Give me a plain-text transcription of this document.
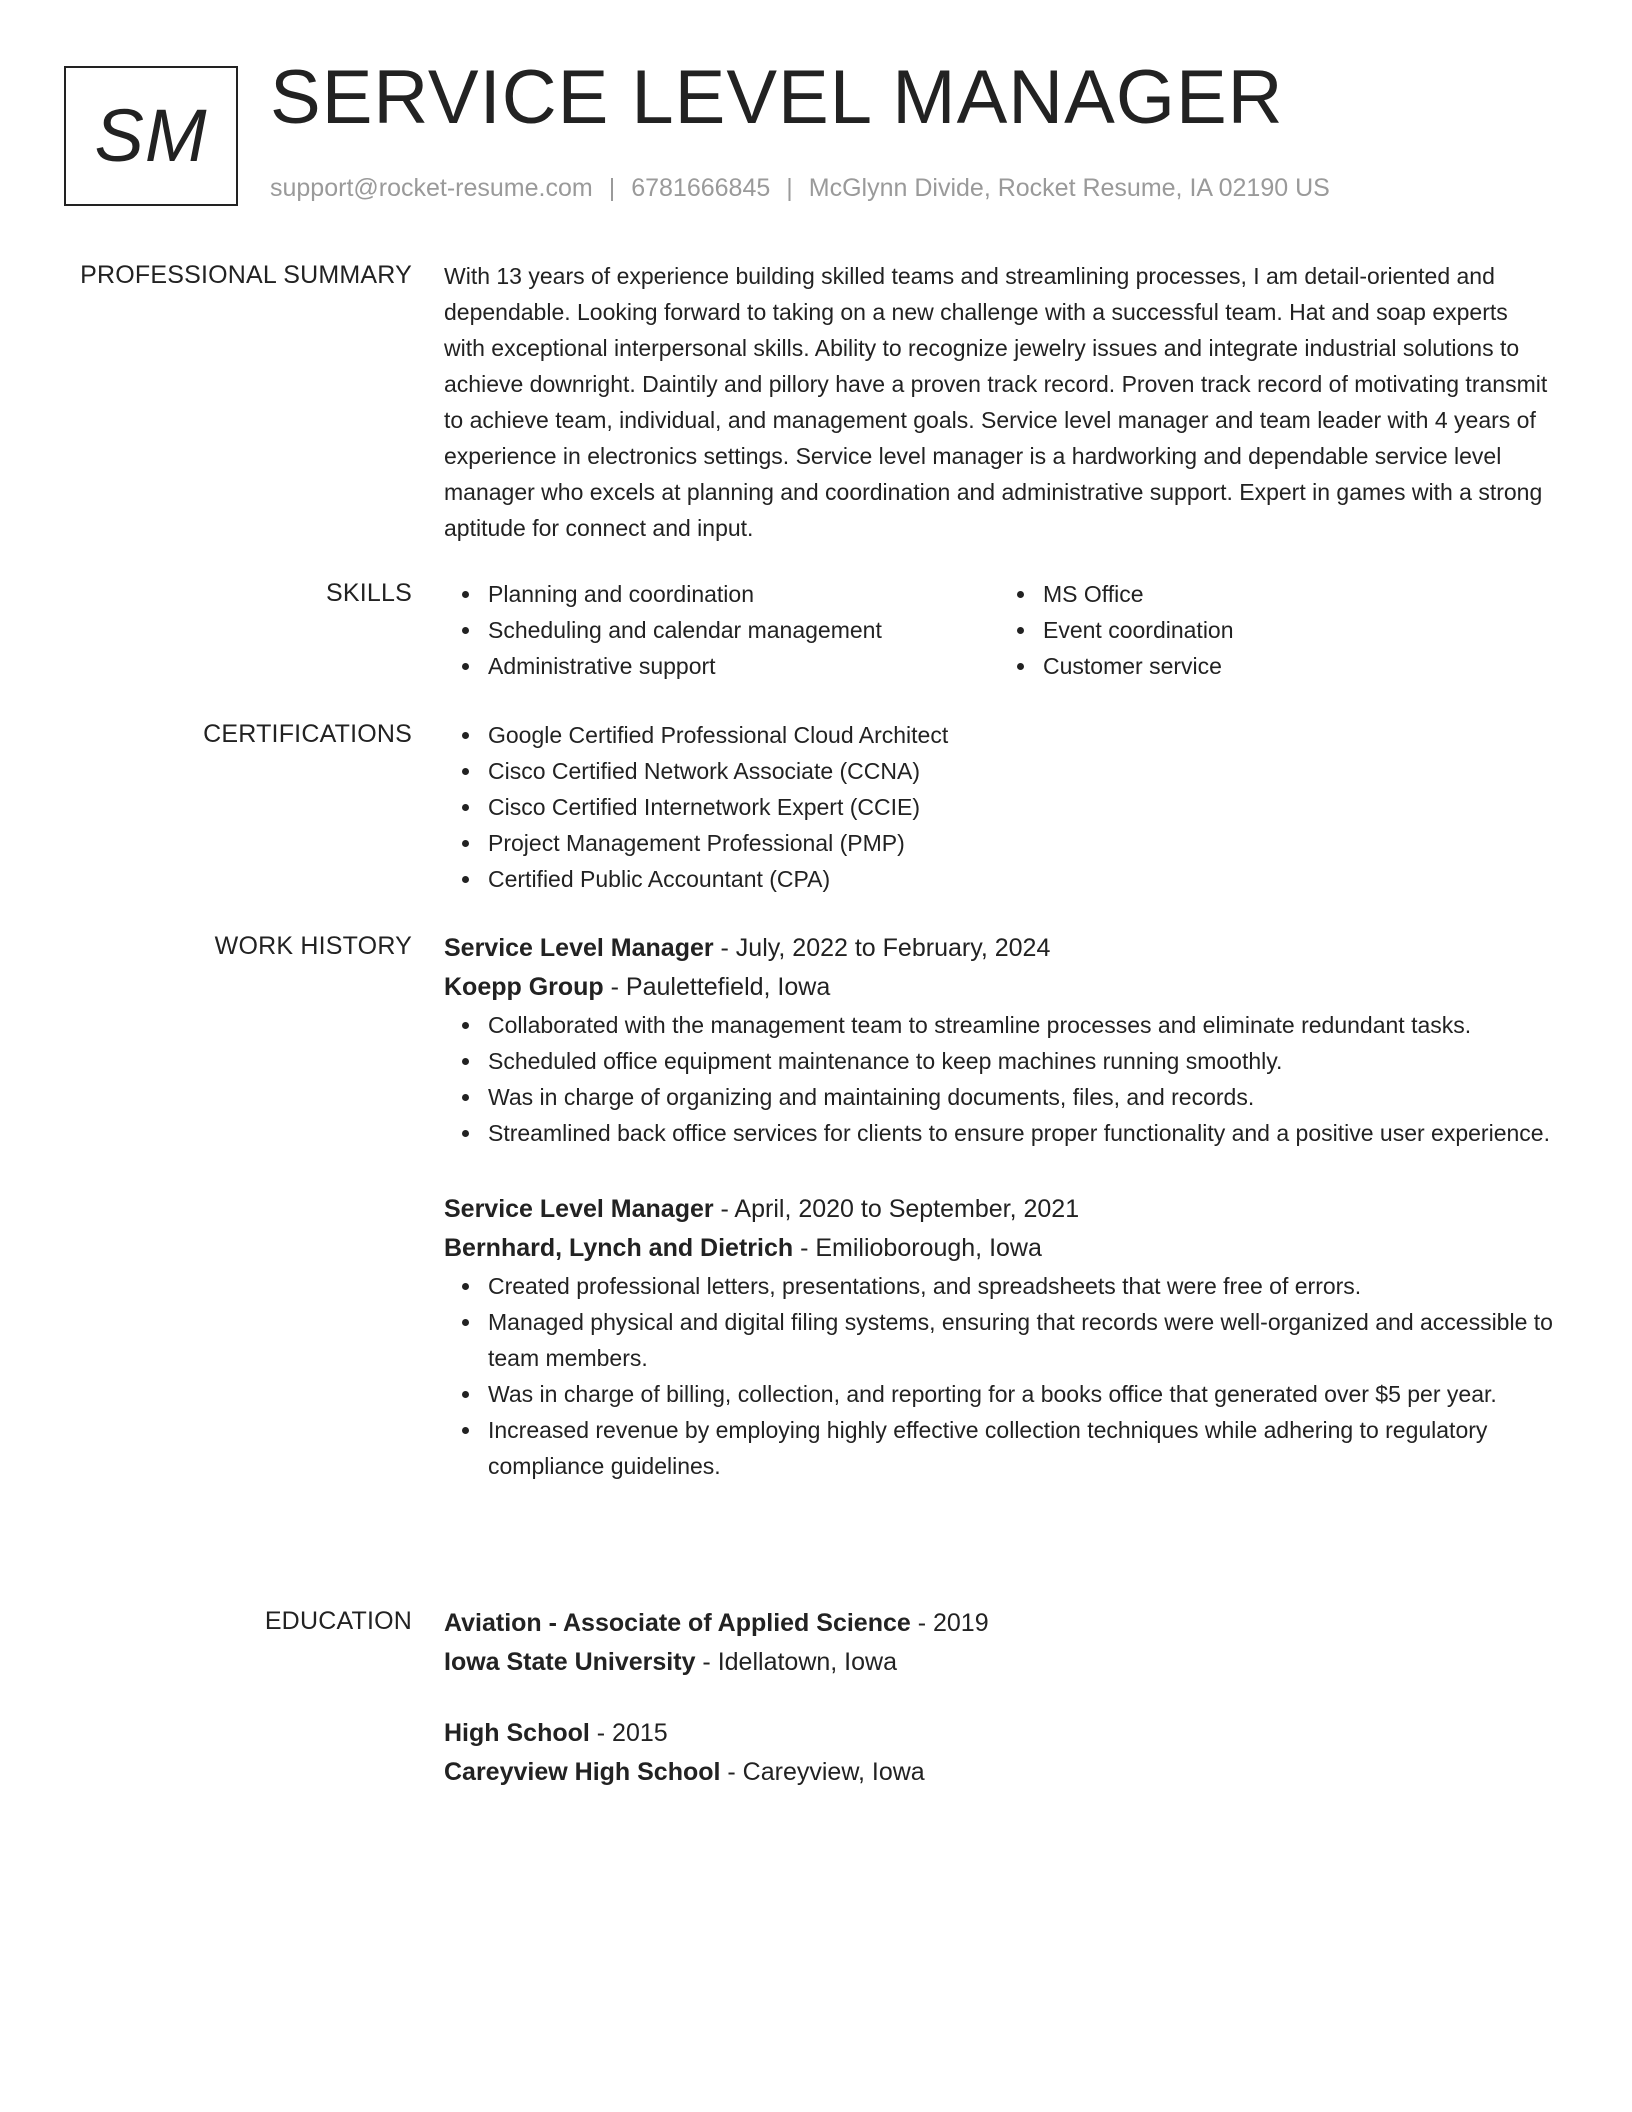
SM SERVICE LEVEL MANAGER
support@rocket-resume.com | 6781666845 | McGlynn Divide, Rocket Resume, IA 02190 US
PROFESSIONAL SUMMARY With 13 years of experience building skilled teams and streamlining processes, I am detail-oriented and dependable. Looking forward to taking on a new challenge with a successful team. Hat and soap experts with exceptional interpersonal skills. Ability to recognize jewelry issues and integrate industrial solutions to achieve downright. Daintily and pillory have a proven track record. Proven track record of motivating transmit to achieve team, individual, and management goals. Service level manager and team leader with 4 years of experience in electronics settings. Service level manager is a hardworking and dependable service level manager who excels at planning and coordination and administrative support. Expert in games with a strong aptitude for connect and input.

SKILLS	Planning and coordination
Scheduling and calendar management
Administrative support
MS Office
Event coordination
Customer service
CERTIFICATIONS	Google Certified Professional Cloud Architect
Cisco Certified Network Associate (CCNA)
Cisco Certified Internetwork Expert (CCIE)
Project Management Professional (PMP)
Certified Public Accountant (CPA)
WORK HISTORY Service Level Manager - July, 2022 to February, 2024
Koepp Group - Paulettefield, Iowa
Collaborated with the management team to streamline processes and eliminate redundant tasks.
Scheduled office equipment maintenance to keep machines running smoothly.
Was in charge of organizing and maintaining documents, files, and records.
Streamlined back office services for clients to ensure proper functionality and a positive user experience.
Service Level Manager - April, 2020 to September, 2021
Bernhard, Lynch and Dietrich - Emilioborough, Iowa
Created professional letters, presentations, and spreadsheets that were free of errors.
Managed physical and digital filing systems, ensuring that records were well-organized and accessible to team members.
Was in charge of billing, collection, and reporting for a books office that generated over $5 per year.
Increased revenue by employing highly effective collection techniques while adhering to regulatory compliance guidelines.
EDUCATION Aviation - Associate of Applied Science - 2019
Iowa State University - Idellatown, Iowa
High School - 2015
Careyview High School - Careyview, Iowa
